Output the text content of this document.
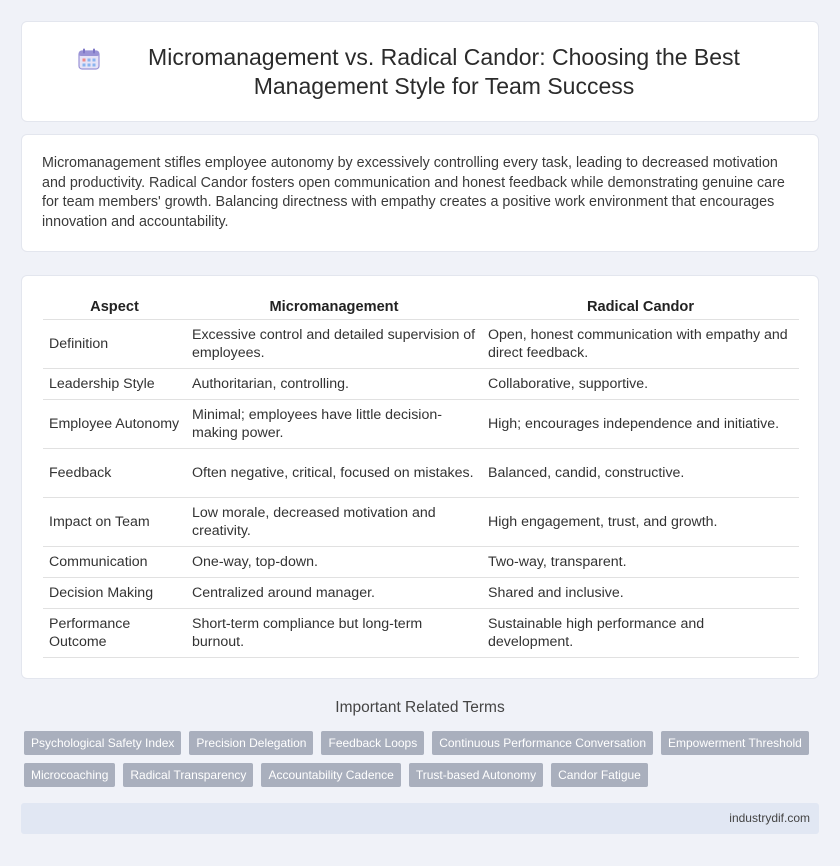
Micromanagement vs. Radical Candor: Choosing the Best Management Style for Team Success

Micromanagement stifles employee autonomy by excessively controlling every task, leading to decreased motivation and productivity. Radical Candor fosters open communication and honest feedback while demonstrating genuine care for team members' growth. Balancing directness with empathy creates a positive work environment that encourages innovation and accountability.

Aspect	Micromanagement	Radical Candor
Definition	Excessive control and detailed supervision of employees.	Open, honest communication with empathy and direct feedback.
Leadership Style	Authoritarian, controlling.	Collaborative, supportive.
Employee Autonomy	Minimal; employees have little decision-making power.	High; encourages independence and initiative.
Feedback	Often negative, critical, focused on mistakes.	Balanced, candid, constructive.
Impact on Team	Low morale, decreased motivation and creativity.	High engagement, trust, and growth.
Communication	One-way, top-down.	Two-way, transparent.
Decision Making	Centralized around manager.	Shared and inclusive.
Performance Outcome	Short-term compliance but long-term burnout.	Sustainable high performance and development.
Important Related Terms
Psychological Safety Index	Precision Delegation	Feedback Loops	Continuous Performance Conversation	Empowerment Threshold
Microcoaching	Radical Transparency	Accountability Cadence	Trust-based Autonomy	Candor Fatigue
industrydif.com
